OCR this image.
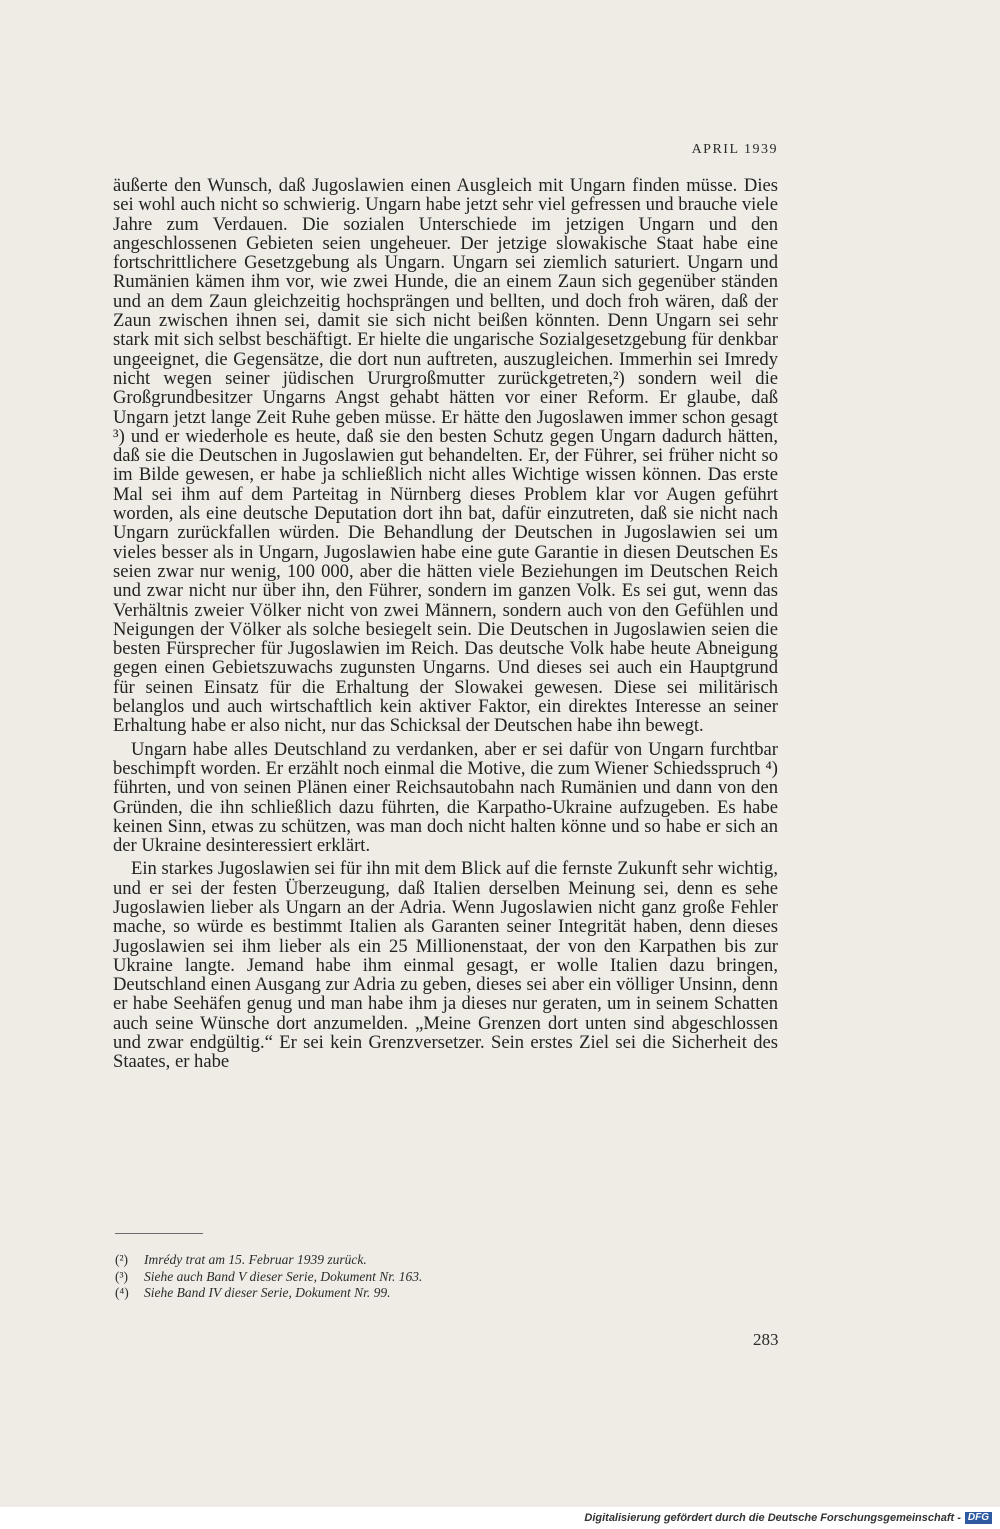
APRIL 1939

äußerte den Wunsch, daß Jugoslawien einen Ausgleich mit Ungarn finden müsse. Dies sei wohl auch nicht so schwierig. Ungarn habe jetzt sehr viel gefressen und brauche viele Jahre zum Verdauen. Die sozialen Unterschiede im jetzigen Ungarn und den angeschlossenen Gebieten seien ungeheuer. Der jetzige slowakische Staat habe eine fortschrittlichere Gesetzgebung als Ungarn. Ungarn sei ziemlich saturiert. Ungarn und Rumänien kämen ihm vor, wie zwei Hunde, die an einem Zaun sich gegenüber ständen und an dem Zaun gleichzeitig hochsprängen und bellten, und doch froh wären, daß der Zaun zwischen ihnen sei, damit sie sich nicht beißen könnten. Denn Ungarn sei sehr stark mit sich selbst beschäftigt. Er hielte die ungarische Sozialgesetzgebung für denkbar ungeeignet, die Gegensätze, die dort nun auftreten, auszugleichen. Immerhin sei Imredy nicht wegen seiner jüdischen Ururgroßmutter zurückgetreten,²) sondern weil die Großgrundbesitzer Ungarns Angst gehabt hätten vor einer Reform. Er glaube, daß Ungarn jetzt lange Zeit Ruhe geben müsse. Er hätte den Jugoslawen immer schon gesagt ³) und er wiederhole es heute, daß sie den besten Schutz gegen Ungarn dadurch hätten, daß sie die Deutschen in Jugoslawien gut behandelten. Er, der Führer, sei früher nicht so im Bilde gewesen, er habe ja schließlich nicht alles Wichtige wissen können. Das erste Mal sei ihm auf dem Parteitag in Nürnberg dieses Problem klar vor Augen geführt worden, als eine deutsche Deputation dort ihn bat, dafür einzutreten, daß sie nicht nach Ungarn zurückfallen würden. Die Behandlung der Deutschen in Jugoslawien sei um vieles besser als in Ungarn, Jugoslawien habe eine gute Garantie in diesen Deutschen Es seien zwar nur wenig, 100 000, aber die hätten viele Beziehungen im Deutschen Reich und zwar nicht nur über ihn, den Führer, sondern im ganzen Volk. Es sei gut, wenn das Verhältnis zweier Völker nicht von zwei Männern, sondern auch von den Gefühlen und Neigungen der Völker als solche besiegelt sein. Die Deutschen in Jugoslawien seien die besten Fürsprecher für Jugoslawien im Reich. Das deutsche Volk habe heute Abneigung gegen einen Gebietszuwachs zugunsten Ungarns. Und dieses sei auch ein Hauptgrund für seinen Einsatz für die Erhaltung der Slowakei gewesen. Diese sei militärisch belanglos und auch wirtschaftlich kein aktiver Faktor, ein direktes Interesse an seiner Erhaltung habe er also nicht, nur das Schicksal der Deutschen habe ihn bewegt.

Ungarn habe alles Deutschland zu verdanken, aber er sei dafür von Ungarn furchtbar beschimpft worden. Er erzählt noch einmal die Motive, die zum Wiener Schiedsspruch ⁴) führten, und von seinen Plänen einer Reichsautobahn nach Rumänien und dann von den Gründen, die ihn schließlich dazu führten, die Karpatho-Ukraine aufzugeben. Es habe keinen Sinn, etwas zu schützen, was man doch nicht halten könne und so habe er sich an der Ukraine desinteressiert erklärt.

Ein starkes Jugoslawien sei für ihn mit dem Blick auf die fernste Zukunft sehr wichtig, und er sei der festen Überzeugung, daß Italien derselben Meinung sei, denn es sehe Jugoslawien lieber als Ungarn an der Adria. Wenn Jugoslawien nicht ganz große Fehler mache, so würde es bestimmt Italien als Garanten seiner Integrität haben, denn dieses Jugoslawien sei ihm lieber als ein 25 Millionenstaat, der von den Karpathen bis zur Ukraine langte. Jemand habe ihm einmal gesagt, er wolle Italien dazu bringen, Deutschland einen Ausgang zur Adria zu geben, dieses sei aber ein völliger Unsinn, denn er habe Seehäfen genug und man habe ihm ja dieses nur geraten, um in seinem Schatten auch seine Wünsche dort anzumelden. „Meine Grenzen dort unten sind abgeschlossen und zwar endgültig.“ Er sei kein Grenzversetzer. Sein erstes Ziel sei die Sicherheit des Staates, er habe

(²)	Imrédy trat am 15. Februar 1939 zurück.
(³)	Siehe auch Band V dieser Serie, Dokument Nr. 163.
(⁴)	Siehe Band IV dieser Serie, Dokument Nr. 99.
283
Digitalisierung gefördert durch die Deutsche Forschungsgemeinschaft - DFG
